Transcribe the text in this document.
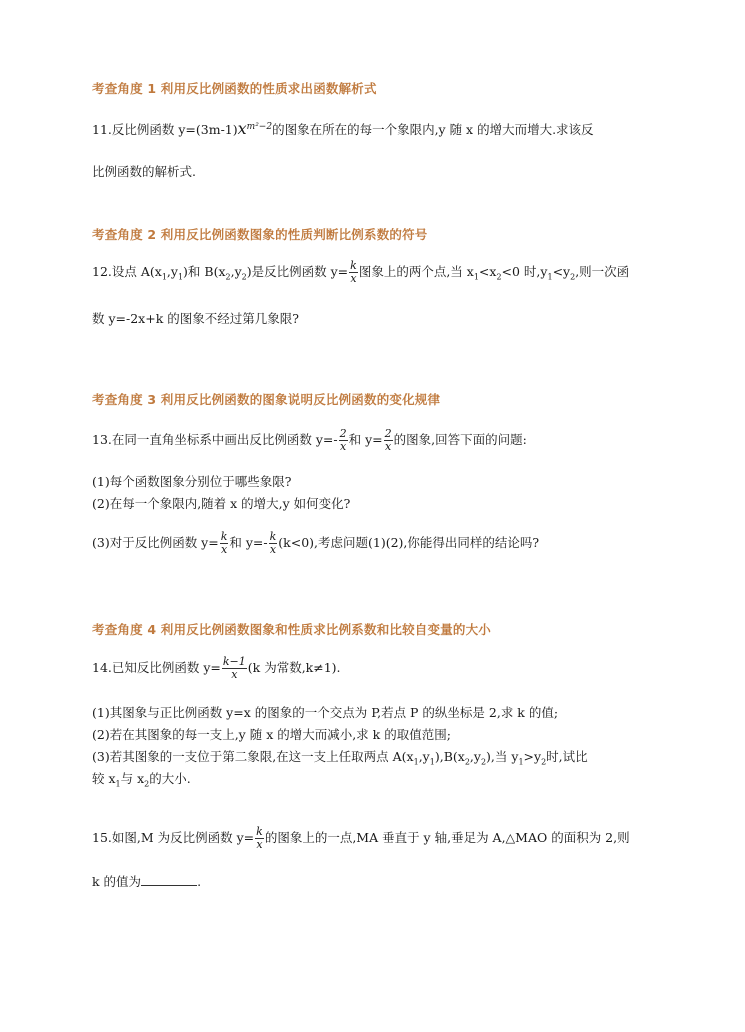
考查角度 1 利用反比例函数的性质求出函数解析式
11.反比例函数 $y=(3m-1)x^{m^2-2}$的图象在所在的每一个象限内,y 随 x 的增大而增大.求该反
比例函数的解析式.
考查角度 2 利用反比例函数图象的性质判断比例系数的符号
12.设点 $A(x_1,y_1)$和 $B(x_2,y_2)$是反比例函数 $y= \frac{k}{x}$ 图象上的两个点,当 $x_1<x_2<0$ 时$,y_1<y_2$,则一次函
数 y=-2x+k 的图象不经过第几象限?
考查角度 3 利用反比例函数的图象说明反比例函数的变化规律
13.在同一直角坐标系中画出反比例函数 $y=- \frac{2}{x}$ 和 $y= \frac{2}{x}$ 的图象,回答下面的问题:
(1)每个函数图象分别位于哪些象限?
(2)在每一个象限内,随着 x 的增大,y 如何变化?
(3)对于反比例函数 $y= \frac{k}{x}$ 和 $y=- \frac{k}{x} (k<0)$,考虑问题(1)(2),你能得出同样的结论吗?
考查角度 4 利用反比例函数图象和性质求比例系数和比较自变量的大小
14.已知反比例函数 $y= \frac{k-1}{x} (k$ 为常数,k≠1).
(1)其图象与正比例函数 y=x 的图象的一个交点为 P,若点 P 的纵坐标是 2,求 k 的值;
(2)若在其图象的每一支上,y 随 x 的增大而减小,求 k 的取值范围;
(3)若其图象的一支位于第二象限,在这一支上任取两点 $A(x_1,y_1),B(x_2,y_2)$,当 $y_1>y_2$时,试比
较 $x_1$与 $x_2$的大小.
15.如图,M 为反比例函数 $y= \frac{k}{x}$ 的图象上的一点,MA 垂直于 y 轴,垂足为 A,△MAO 的面积为 2,则
k 的值为	.
